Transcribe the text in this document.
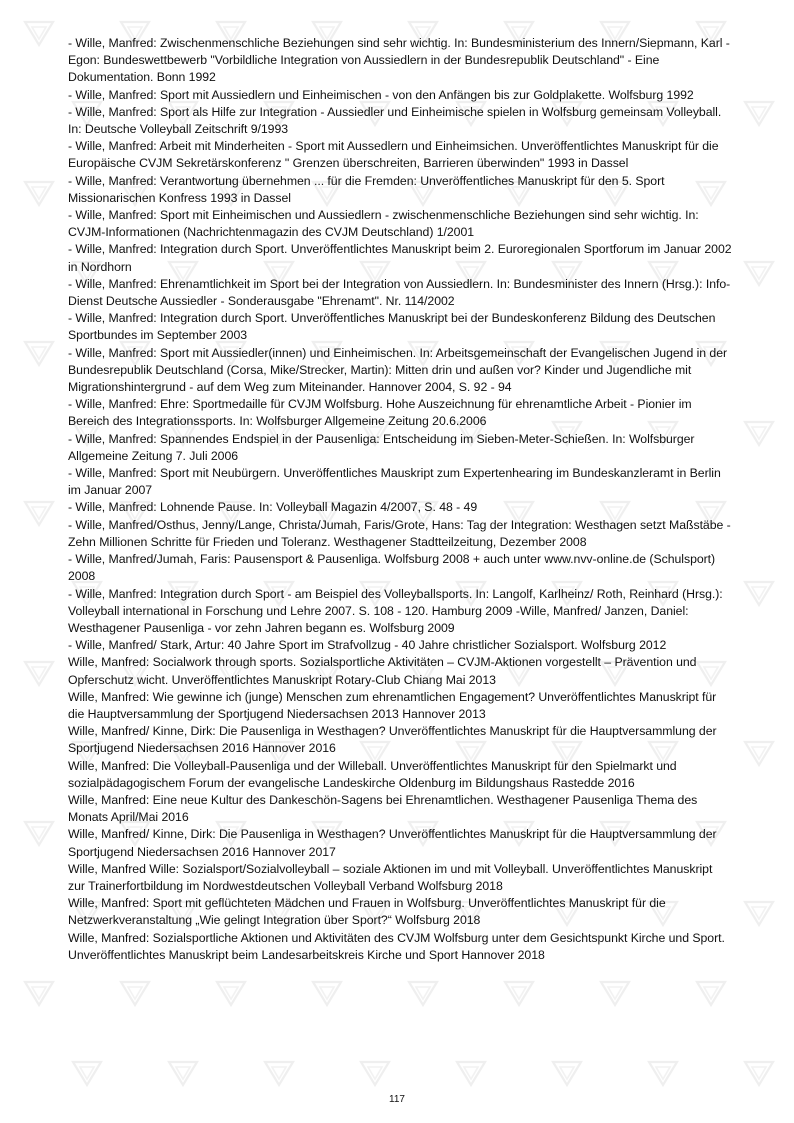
- Wille, Manfred: Zwischenmenschliche Beziehungen sind sehr wichtig. In: Bundesministerium des Innern/Siepmann, Karl - Egon: Bundeswettbewerb "Vorbildliche Integration von Aussiedlern in der Bundesrepublik Deutschland" - Eine Dokumentation. Bonn 1992

- Wille, Manfred: Sport mit Aussiedlern und Einheimischen - von den Anfängen bis zur Goldplakette. Wolfsburg 1992

- Wille, Manfred: Sport als Hilfe zur Integration - Aussiedler und Einheimische spielen in Wolfsburg gemeinsam Volleyball. In: Deutsche Volleyball Zeitschrift 9/1993

- Wille, Manfred: Arbeit mit Minderheiten - Sport mit Aussedlern und Einheimsichen. Unveröffentlichtes Manuskript für die Europäische CVJM Sekretärskonferenz " Grenzen überschreiten, Barrieren überwinden" 1993 in Dassel

- Wille, Manfred: Verantwortung übernehmen ... für die Fremden: Unveröffentliches Manuskript für den 5. Sport Missionarischen Konfress 1993 in Dassel

- Wille, Manfred: Sport mit Einheimischen und Aussiedlern - zwischenmenschliche Beziehungen sind sehr wichtig. In: CVJM-Informationen (Nachrichtenmagazin des CVJM Deutschland) 1/2001

- Wille, Manfred: Integration durch Sport. Unveröffentlichtes Manuskript beim 2. Euroregionalen Sportforum im Januar 2002 in Nordhorn

- Wille, Manfred: Ehrenamtlichkeit im Sport bei der Integration von Aussiedlern. In: Bundesminister des Innern (Hrsg.): Info-Dienst Deutsche Aussiedler - Sonderausgabe "Ehrenamt". Nr. 114/2002

- Wille, Manfred: Integration durch Sport. Unveröffentliches Manuskript bei der Bundeskonferenz Bildung des Deutschen Sportbundes im September 2003

- Wille, Manfred: Sport mit Aussiedler(innen) und Einheimischen. In: Arbeitsgemeinschaft der Evangelischen Jugend in der Bundesrepublik Deutschland (Corsa, Mike/Strecker, Martin): Mitten drin und außen vor? Kinder und Jugendliche mit Migrationshintergrund - auf dem Weg zum Miteinander. Hannover 2004, S. 92 - 94

- Wille, Manfred: Ehre: Sportmedaille für CVJM Wolfsburg. Hohe Auszeichnung für ehrenamtliche Arbeit - Pionier im Bereich des Integrationssports. In: Wolfsburger Allgemeine Zeitung 20.6.2006

- Wille, Manfred: Spannendes Endspiel in der Pausenliga: Entscheidung im Sieben-Meter-Schießen. In: Wolfsburger Allgemeine Zeitung 7. Juli 2006

- Wille, Manfred: Sport mit Neubürgern. Unveröffentliches Mauskript zum Expertenhearing im Bundeskanzleramt in Berlin im Januar 2007

- Wille, Manfred: Lohnende Pause. In: Volleyball Magazin 4/2007, S. 48 - 49

- Wille, Manfred/Osthus, Jenny/Lange, Christa/Jumah, Faris/Grote, Hans: Tag der Integration: Westhagen setzt Maßstäbe - Zehn Millionen Schritte für Frieden und Toleranz. Westhagener Stadtteilzeitung, Dezember 2008

- Wille, Manfred/Jumah, Faris: Pausensport & Pausenliga. Wolfsburg 2008 + auch unter www.nvv-online.de (Schulsport) 2008

- Wille, Manfred: Integration durch Sport - am Beispiel des Volleyballsports. In: Langolf, Karlheinz/ Roth, Reinhard (Hrsg.): Volleyball international in Forschung und Lehre 2007. S. 108 - 120. Hamburg 2009 -Wille, Manfred/ Janzen, Daniel: Westhagener Pausenliga - vor zehn Jahren begann es. Wolfsburg 2009

- Wille, Manfred/ Stark, Artur: 40 Jahre Sport im Strafvollzug - 40 Jahre christlicher Sozialsport. Wolfsburg 2012

Wille, Manfred: Socialwork through sports. Sozialsportliche Aktivitäten – CVJM-Aktionen vorgestellt – Prävention und Opferschutz wicht. Unveröffentlichtes Manuskript Rotary-Club Chiang Mai 2013

Wille, Manfred: Wie gewinne ich (junge) Menschen zum ehrenamtlichen Engagement? Unveröffentlichtes Manuskript für die Hauptversammlung der Sportjugend Niedersachsen 2013 Hannover 2013

Wille, Manfred/ Kinne, Dirk: Die Pausenliga in Westhagen? Unveröffentlichtes Manuskript für die Hauptversammlung der Sportjugend Niedersachsen 2016 Hannover 2016

Wille, Manfred: Die Volleyball-Pausenliga und der Willeball. Unveröffentlichtes Manuskript für den Spielmarkt und sozialpädagogischem Forum der evangelische Landeskirche Oldenburg im Bildungshaus Rastedde 2016

Wille, Manfred: Eine neue Kultur des Dankeschön-Sagens bei Ehrenamtlichen. Westhagener Pausenliga Thema des Monats April/Mai 2016

Wille, Manfred/ Kinne, Dirk: Die Pausenliga in Westhagen? Unveröffentlichtes Manuskript für die Hauptversammlung der Sportjugend Niedersachsen 2016 Hannover 2017

Wille, Manfred Wille: Sozialsport/Sozialvolleyball – soziale Aktionen im und mit Volleyball. Unveröffentlichtes Manuskript zur Trainerfortbildung im Nordwestdeutschen Volleyball Verband Wolfsburg 2018

Wille, Manfred: Sport mit geflüchteten Mädchen und Frauen in Wolfsburg. Unveröffentlichtes Manuskript für die Netzwerkveranstaltung „Wie gelingt Integration über Sport?“ Wolfsburg 2018

Wille, Manfred: Sozialsportliche Aktionen und Aktivitäten des CVJM Wolfsburg unter dem Gesichtspunkt Kirche und Sport. Unveröffentlichtes Manuskript beim Landesarbeitskreis Kirche und Sport Hannover 2018

117
